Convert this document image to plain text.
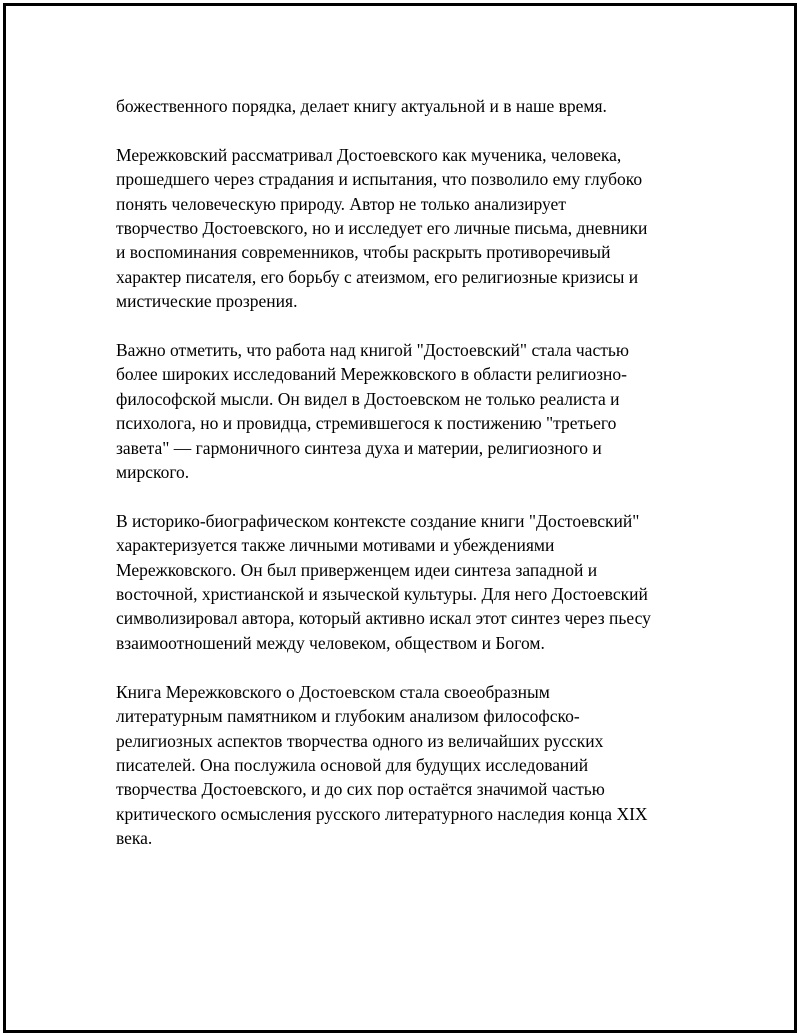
божественного порядка, делает книгу актуальной и в наше время.

Мережковский рассматривал Достоевского как мученика, человека,
прошедшего через страдания и испытания, что позволило ему глубоко
понять человеческую природу. Автор не только анализирует
творчество Достоевского, но и исследует его личные письма, дневники
и воспоминания современников, чтобы раскрыть противоречивый
характер писателя, его борьбу с атеизмом, его религиозные кризисы и
мистические прозрения.

Важно отметить, что работа над книгой "Достоевский" стала частью
более широких исследований Мережковского в области религиозно-
философской мысли. Он видел в Достоевском не только реалиста и
психолога, но и провидца, стремившегося к постижению "третьего
завета" — гармоничного синтеза духа и материи, религиозного и
мирского.

В историко-биографическом контексте создание книги "Достоевский"
характеризуется также личными мотивами и убеждениями
Мережковского. Он был приверженцем идеи синтеза западной и
восточной, христианской и языческой культуры. Для него Достоевский
символизировал автора, который активно искал этот синтез через пьесу
взаимоотношений между человеком, обществом и Богом.

Книга Мережковского о Достоевском стала своеобразным
литературным памятником и глубоким анализом философско-
религиозных аспектов творчества одного из величайших русских
писателей. Она послужила основой для будущих исследований
творчества Достоевского, и до сих пор остаётся значимой частью
критического осмысления русского литературного наследия конца XIX
века.
